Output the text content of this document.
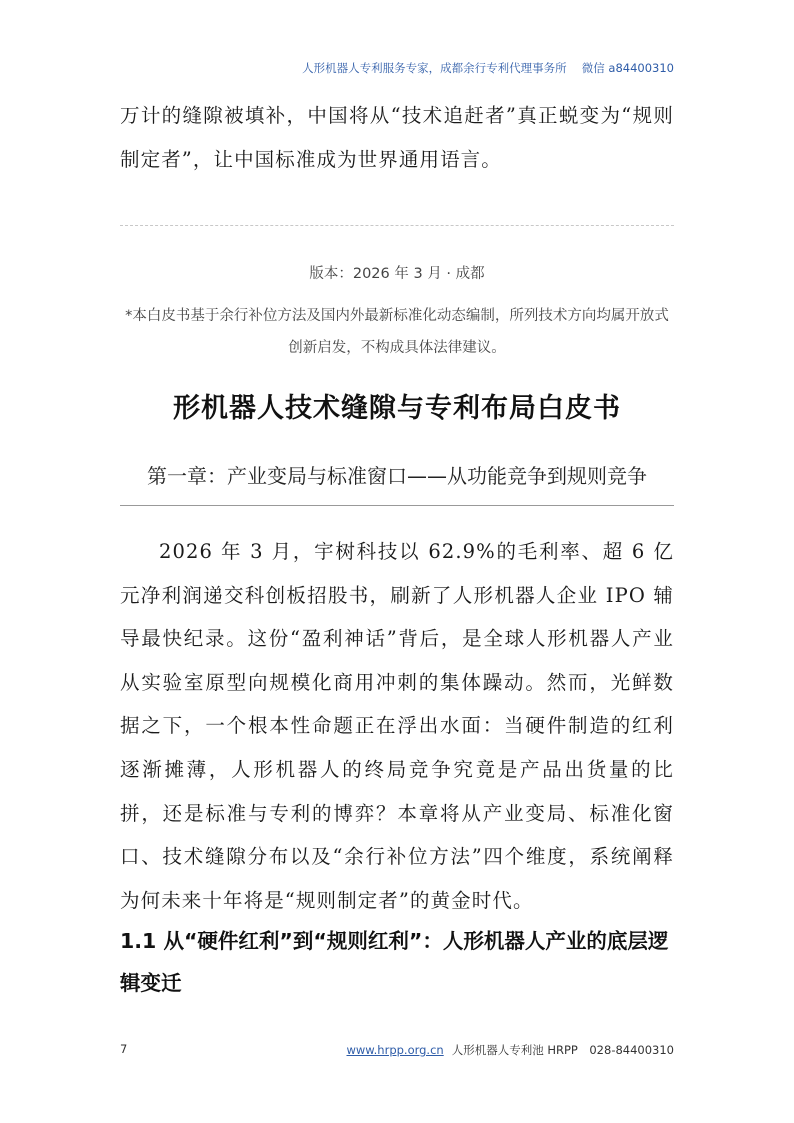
人形机器人专利服务专家，成都余行专利代理事务所　 微信 a84400310
万计的缝隙被填补，中国将从“技术追赶者”真正蜕变为“规则制定者”，让中国标准成为世界通用语言。
版本：2026 年 3 月 · 成都
*本白皮书基于余行补位方法及国内外最新标准化动态编制，所列技术方向均属开放式创新启发，不构成具体法律建议。
形机器人技术缝隙与专利布局白皮书
第一章：产业变局与标准窗口——从功能竞争到规则竞争
2026 年 3 月，宇树科技以 62.9%的毛利率、超 6 亿元净利润递交科创板招股书，刷新了人形机器人企业 IPO 辅导最快纪录。这份“盈利神话”背后，是全球人形机器人产业从实验室原型向规模化商用冲刺的集体躁动。然而，光鲜数据之下，一个根本性命题正在浮出水面：当硬件制造的红利逐渐摊薄，人形机器人的终局竞争究竟是产品出货量的比拼，还是标准与专利的博弈？本章将从产业变局、标准化窗口、技术缝隙分布以及“余行补位方法”四个维度，系统阐释为何未来十年将是“规则制定者”的黄金时代。
1.1 从“硬件红利”到“规则红利”：人形机器人产业的底层逻辑变迁
7	www.hrpp.org.cn 人形机器人专利池 HRPP　028-84400310
